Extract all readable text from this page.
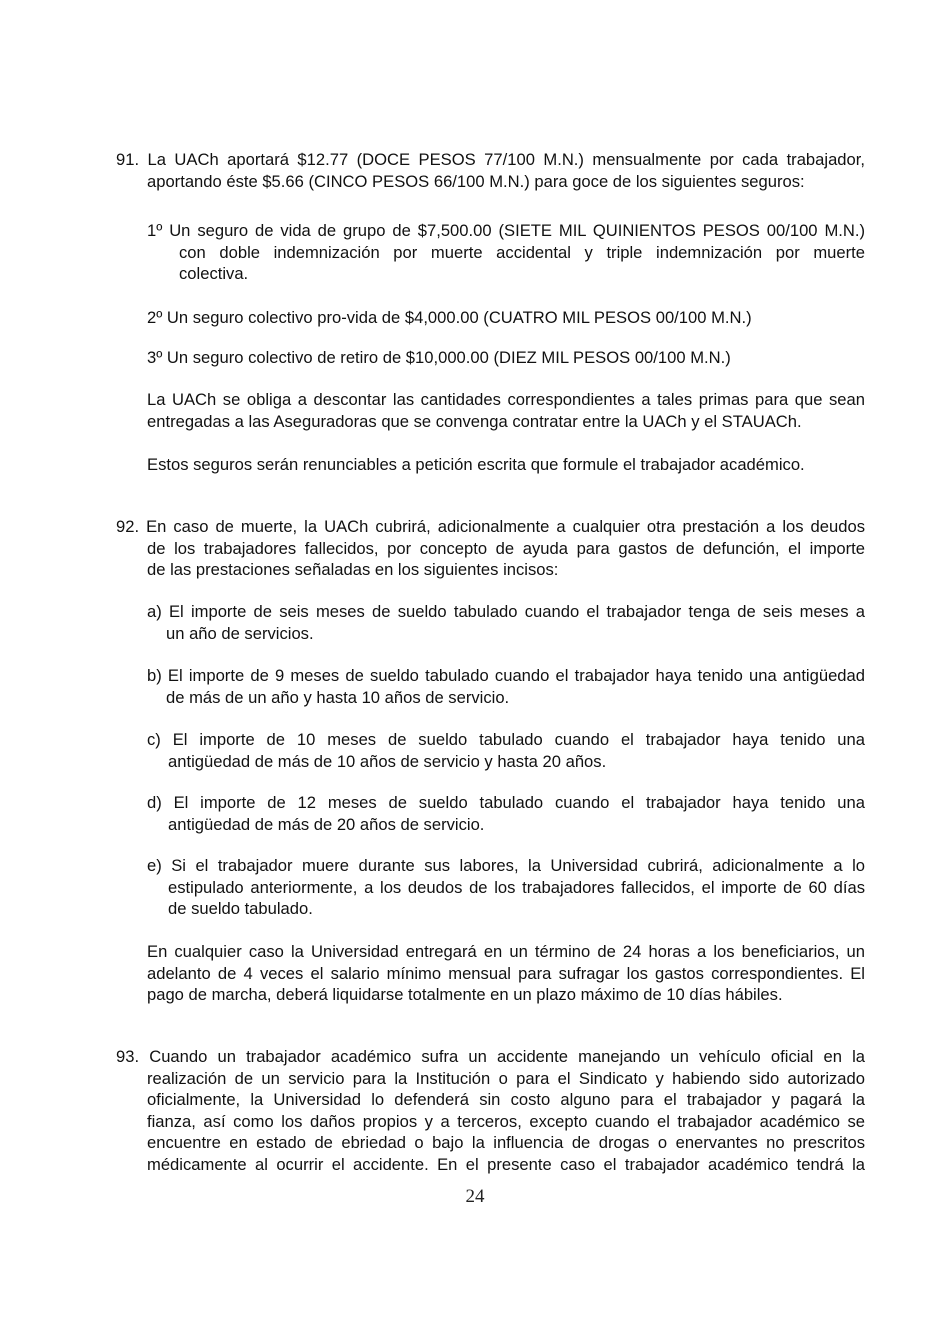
91. La UACh aportará $12.77 (DOCE PESOS 77/100 M.N.) mensualmente por cada trabajador,
aportando éste $5.66 (CINCO PESOS 66/100 M.N.) para goce de los siguientes seguros:
1º Un seguro de vida de grupo de $7,500.00 (SIETE MIL QUINIENTOS PESOS 00/100 M.N.)
con doble indemnización por muerte accidental y triple indemnización por muerte
colectiva.
2º Un seguro colectivo pro-vida de $4,000.00 (CUATRO MIL PESOS 00/100 M.N.)
3º Un seguro colectivo de retiro de $10,000.00 (DIEZ MIL PESOS 00/100 M.N.)
La UACh se obliga a descontar las cantidades correspondientes a tales primas para que sean
entregadas a las Aseguradoras que se convenga contratar entre la UACh y el STAUACh.
Estos seguros serán renunciables a petición escrita que formule el trabajador académico.
92. En caso de muerte, la UACh cubrirá, adicionalmente a cualquier otra prestación a los deudos
de los trabajadores fallecidos, por concepto de ayuda para gastos de defunción, el importe
de las prestaciones señaladas en los siguientes incisos:
a) El importe de seis meses de sueldo tabulado cuando el trabajador tenga de seis meses a
un año de servicios.
b) El importe de 9 meses de sueldo tabulado cuando el trabajador haya tenido una antigüedad
de más de un año y hasta 10 años de servicio.
c) El importe de 10 meses de sueldo tabulado cuando el trabajador haya tenido una
antigüedad de más de 10 años de servicio y hasta 20 años.
d) El importe de 12 meses de sueldo tabulado cuando el trabajador haya tenido una
antigüedad de más de 20 años de servicio.
e) Si el trabajador muere durante sus labores, la Universidad cubrirá, adicionalmente a lo
estipulado anteriormente, a los deudos de los trabajadores fallecidos, el importe de 60 días
de sueldo tabulado.
En cualquier caso la Universidad entregará en un término de 24 horas a los beneficiarios, un
adelanto de 4 veces el salario mínimo mensual para sufragar los gastos correspondientes. El
pago de marcha, deberá liquidarse totalmente en un plazo máximo de 10 días hábiles.
93. Cuando un trabajador académico sufra un accidente manejando un vehículo oficial en la
realización de un servicio para la Institución o para el Sindicato y habiendo sido autorizado
oficialmente, la Universidad lo defenderá sin costo alguno para el trabajador y pagará la
fianza, así como los daños propios y a terceros, excepto cuando el trabajador académico se
encuentre en estado de ebriedad o bajo la influencia de drogas o enervantes no prescritos
médicamente al ocurrir el accidente. En el presente caso el trabajador académico tendrá la
24
